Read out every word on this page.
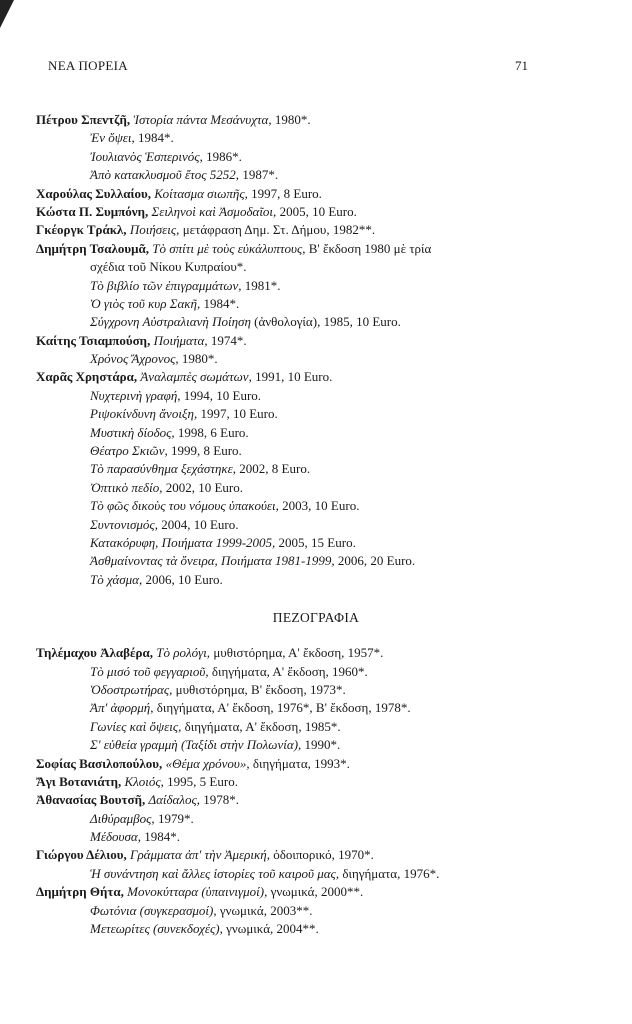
ΝΕΑ ΠΟΡΕΙΑ	71
Πέτρου Σπεντζῆ, Ἱστορία πάντα Μεσάνυχτα, 1980*.
Ἐν ὄψει, 1984*.
Ἰουλιανὸς Ἑσπερινός, 1986*.
Ἀπὸ κατακλυσμοῦ ἔτος 5252, 1987*.
Χαρούλας Συλλαίου, Κοίτασμα σιωπῆς, 1997, 8 Euro.
Κώστα Π. Συμπόνη, Σειληνοὶ καὶ Ἀσμοδαῖοι, 2005, 10 Euro.
Γκέοργκ Τράκλ, Ποιήσεις, μετάφραση Δημ. Στ. Δήμου, 1982**.
Δημήτρη Τσαλουμᾶ, Τὸ σπίτι μὲ τοὺς εὐκάλυπτους, Β' ἔκδοση 1980 μὲ τρία
σχέδια τοῦ Νίκου Κυπραίου*.
Τὸ βιβλίο τῶν ἐπιγραμμάτων, 1981*.
Ὁ γιὸς τοῦ κυρ Σακῆ, 1984*.
Σύγχρονη Αὐστραλιανὴ Ποίηση (ἀνθολογία), 1985, 10 Euro.
Καίτης Τσιαμπούση, Ποιήματα, 1974*.
Χρόνος Ἄχρονος, 1980*.
Χαρᾶς Χρηστάρα, Ἀναλαμπὲς σωμάτων, 1991, 10 Euro.
Νυχτερινὴ γραφή, 1994, 10 Euro.
Ριψοκίνδυνη ἄνοιξη, 1997, 10 Euro.
Μυστικὴ δίοδος, 1998, 6 Euro.
Θέατρο Σκιῶν, 1999, 8 Euro.
Τὸ παρασύνθημα ξεχάστηκε, 2002, 8 Euro.
Ὀπτικὸ πεδίο, 2002, 10 Euro.
Τὸ φῶς δικοὺς του νόμους ὑπακούει, 2003, 10 Euro.
Συντονισμός, 2004, 10 Euro.
Κατακόρυφη, Ποιήματα 1999-2005, 2005, 15 Euro.
Ἀσθμαίνοντας τὰ ὄνειρα, Ποιήματα 1981-1999, 2006, 20 Euro.
Τὸ χάσμα, 2006, 10 Euro.
ΠΕΖΟΓΡΑΦΙΑ
Τηλέμαχου Ἀλαβέρα, Τὸ ρολόγι, μυθιστόρημα, Α' ἔκδοση, 1957*.
Τὸ μισό τοῦ φεγγαριοῦ, διηγήματα, Α' ἔκδοση, 1960*.
Ὁδοστρωτήρας, μυθιστόρημα, Β' ἔκδοση, 1973*.
Ἀπ' ἀφορμή, διηγήματα, Α' ἔκδοση, 1976*, Β' ἔκδοση, 1978*.
Γωνίες καὶ ὄψεις, διηγήματα, Α' ἔκδοση, 1985*.
Σ' εὐθεία γραμμὴ (Ταξίδι στὴν Πολωνία), 1990*.
Σοφίας Βασιλοπούλου, «Θέμα χρόνου», διηγήματα, 1993*.
Ἄγι Βοτανιάτη, Κλοιός, 1995, 5 Euro.
Ἀθανασίας Βουτσῆ, Δαίδαλος, 1978*.
Διθύραμβος, 1979*.
Μέδουσα, 1984*.
Γιώργου Δέλιου, Γράμματα ἀπ' τὴν Ἀμερική, ὁδοιπορικό, 1970*.
Ἡ συνάντηση καὶ ἄλλες ἱστορίες τοῦ καιροῦ μας, διηγήματα, 1976*.
Δημήτρη Θήτα, Μονοκύτταρα (ὑπαινιγμοί), γνωμικά, 2000**.
Φωτόνια (συγκερασμοί), γνωμικά, 2003**.
Μετεωρίτες (συνεκδοχές), γνωμικά, 2004**.
